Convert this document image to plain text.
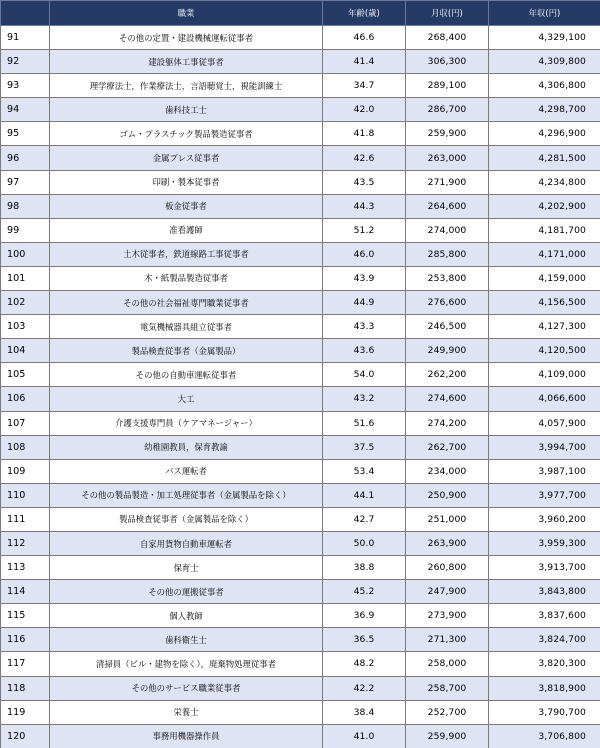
	職業	年齢(歳)	月収(円)	年収(円)
91	その他の定置・建設機械運転従事者	46.6	268,400	4,329,100
92	建設躯体工事従事者	41.4	306,300	4,309,800
93	理学療法士，作業療法士，言語聴覚士，視能訓練士	34.7	289,100	4,306,800
94	歯科技工士	42.0	286,700	4,298,700
95	ゴム・プラスチック製品製造従事者	41.8	259,900	4,296,900
96	金属プレス従事者	42.6	263,000	4,281,500
97	印刷・製本従事者	43.5	271,900	4,234,800
98	板金従事者	44.3	264,600	4,202,900
99	准看護師	51.2	274,000	4,181,700
100	土木従事者，鉄道線路工事従事者	46.0	285,800	4,171,000
101	木・紙製品製造従事者	43.9	253,800	4,159,000
102	その他の社会福祉専門職業従事者	44.9	276,600	4,156,500
103	電気機械器具組立従事者	43.3	246,500	4,127,300
104	製品検査従事者（金属製品）	43.6	249,900	4,120,500
105	その他の自動車運転従事者	54.0	262,200	4,109,000
106	大工	43.2	274,600	4,066,600
107	介護支援専門員（ケアマネージャー）	51.6	274,200	4,057,900
108	幼稚園教員，保育教諭	37.5	262,700	3,994,700
109	バス運転者	53.4	234,000	3,987,100
110	その他の製品製造・加工処理従事者（金属製品を除く）	44.1	250,900	3,977,700
111	製品検査従事者（金属製品を除く）	42.7	251,000	3,960,200
112	自家用貨物自動車運転者	50.0	263,900	3,959,300
113	保育士	38.8	260,800	3,913,700
114	その他の運搬従事者	45.2	247,900	3,843,800
115	個人教師	36.9	273,900	3,837,600
116	歯科衛生士	36.5	271,300	3,824,700
117	清掃員（ビル・建物を除く），廃棄物処理従事者	48.2	258,000	3,820,300
118	その他のサービス職業従事者	42.2	258,700	3,818,900
119	栄養士	38.4	252,700	3,790,700
120	事務用機器操作員	41.0	259,900	3,706,800
